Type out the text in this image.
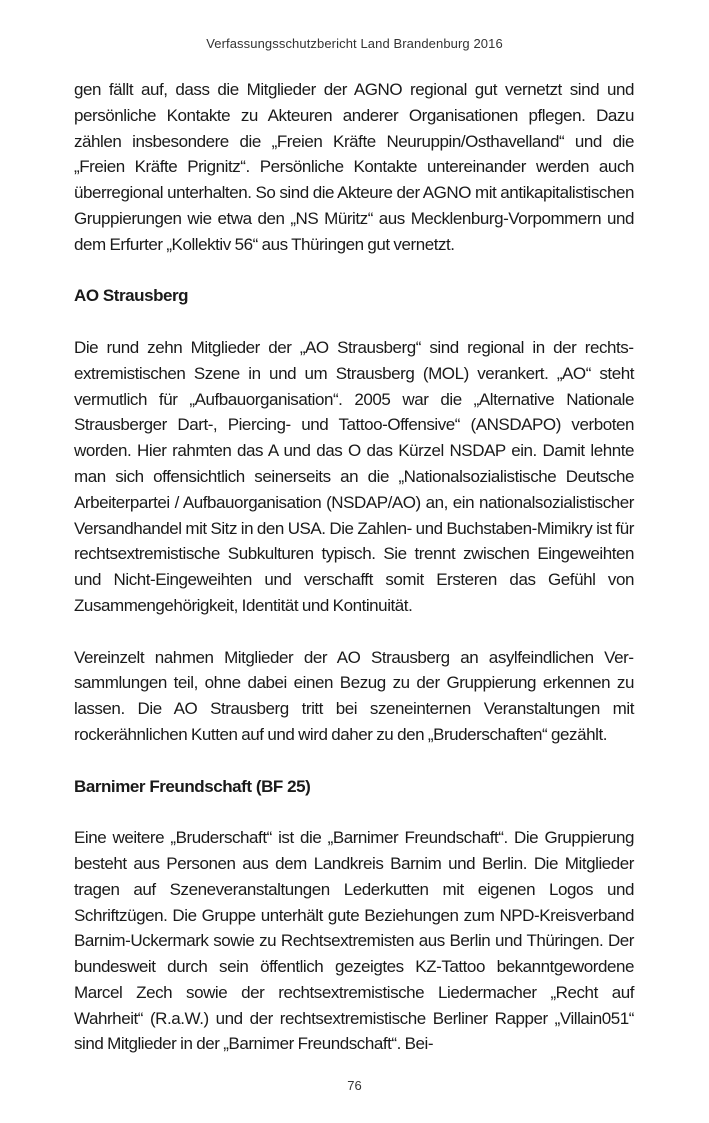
Verfassungsschutzbericht Land Brandenburg 2016

gen fällt auf, dass die Mitglieder der AGNO regional gut vernetzt sind und persönliche Kontakte zu Akteuren anderer Organisationen pflegen. Dazu zählen insbesondere die „Freien Kräfte Neuruppin/Osthavelland“ und die „Freien Kräfte Prignitz“. Persönliche Kontakte untereinander werden auch überregional unterhalten. So sind die Akteure der AGNO mit antikapitalistischen Gruppierungen wie etwa den „NS Müritz“ aus Mecklenburg-Vorpommern und dem Erfurter „Kollektiv 56“ aus Thüringen gut vernetzt.

AO Strausberg

Die rund zehn Mitglieder der „AO Strausberg“ sind regional in der rechtsextremistischen Szene in und um Strausberg (MOL) verankert. „AO“ steht vermutlich für „Aufbauorganisation“. 2005 war die „Alternative Nationale Strausberger Dart-, Piercing- und Tattoo-Offensive“ (ANSDAPO) verboten worden. Hier rahmten das A und das O das Kürzel NSDAP ein. Damit lehnte man sich offensichtlich seinerseits an die „Nationalsozialistische Deutsche Arbeiterpartei / Aufbauorganisation (NSDAP/AO) an, ein nationalsozialistischer Versandhandel mit Sitz in den USA. Die Zahlen- und Buchstaben-Mimikry ist für rechtsextremistische Subkulturen typisch. Sie trennt zwischen Eingeweihten und Nicht-Eingeweihten und verschafft somit Ersteren das Gefühl von Zusammengehörigkeit, Identität und Kontinuität.

Vereinzelt nahmen Mitglieder der AO Strausberg an asylfeindlichen Versammlungen teil, ohne dabei einen Bezug zu der Gruppierung erkennen zu lassen. Die AO Strausberg tritt bei szeneinternen Veranstaltungen mit rockerähnlichen Kutten auf und wird daher zu den „Bruderschaften“ gezählt.

Barnimer Freundschaft (BF 25)

Eine weitere „Bruderschaft“ ist die „Barnimer Freundschaft“. Die Gruppierung besteht aus Personen aus dem Landkreis Barnim und Berlin. Die Mitglieder tragen auf Szeneveranstaltungen Lederkutten mit eigenen Logos und Schriftzügen. Die Gruppe unterhält gute Beziehungen zum NPD-Kreisverband Barnim-Uckermark sowie zu Rechtsextremisten aus Berlin und Thüringen. Der bundesweit durch sein öffentlich gezeigtes KZ-Tattoo bekanntgewordene Marcel Zech sowie der rechtsextremistische Liedermacher „Recht auf Wahrheit“ (R.a.W.) und der rechtsextremistische Berliner Rapper „Villain051“ sind Mitglieder in der „Barnimer Freundschaft“. Bei-

76
